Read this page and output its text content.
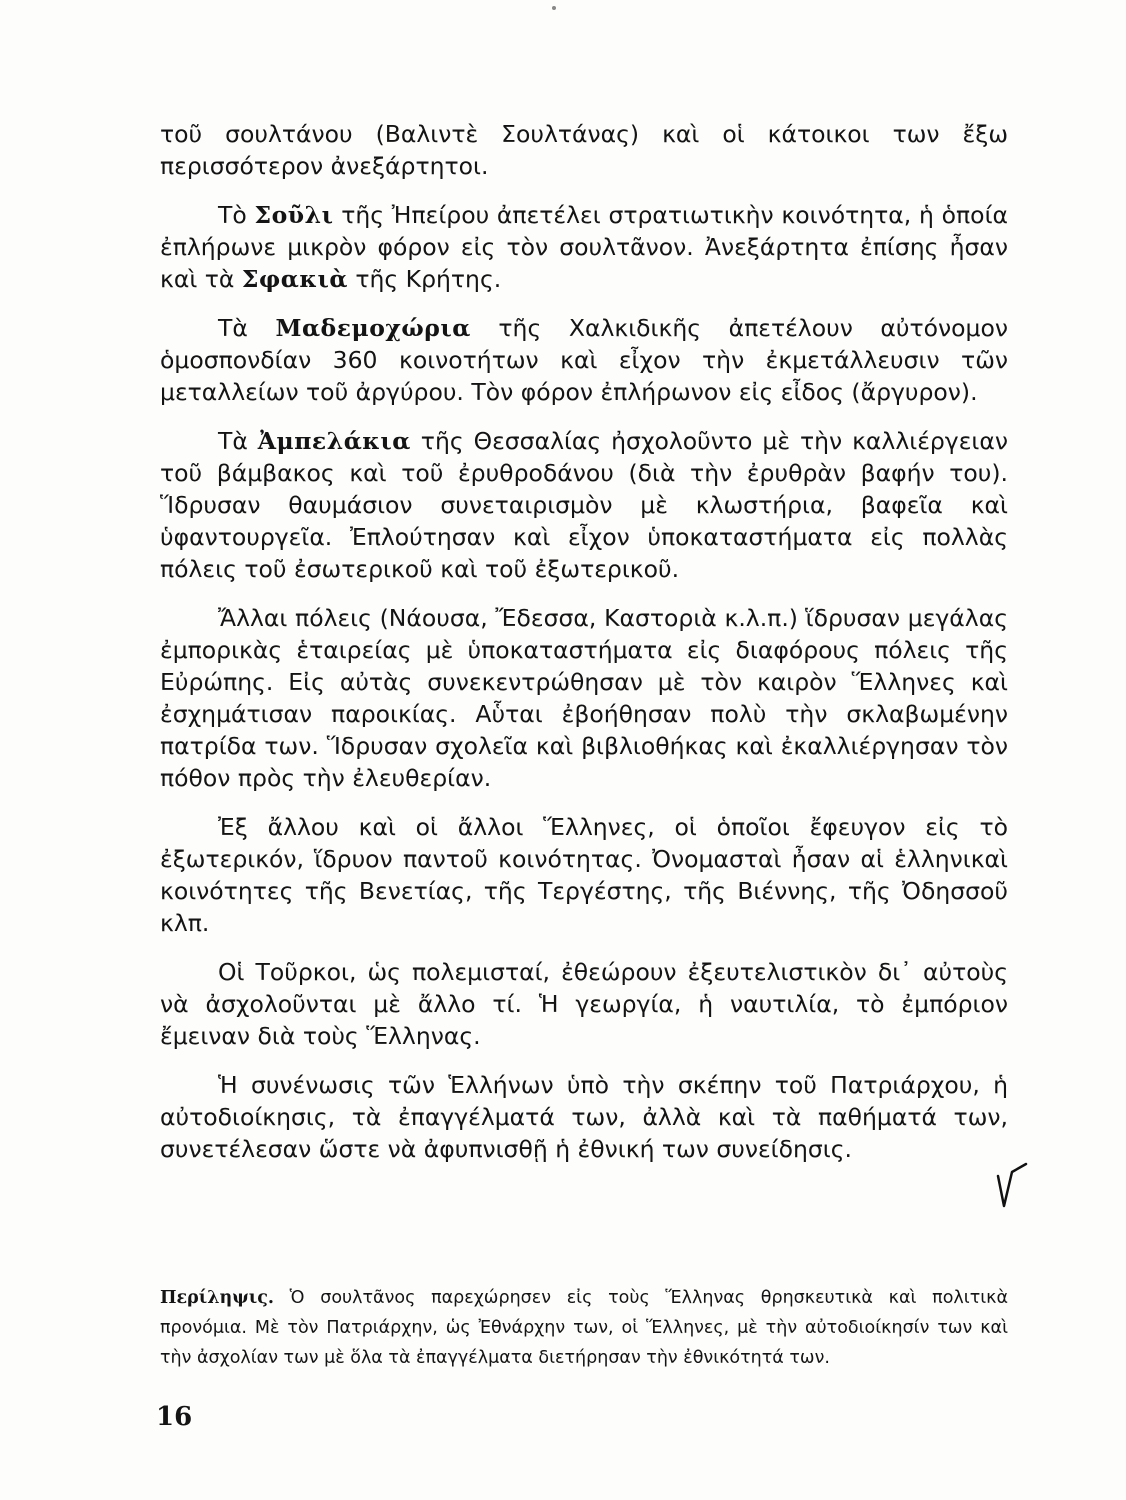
τοῦ σουλτάνου (Βαλιντὲ Σουλτάνας) καὶ οἱ κάτοικοι των ἔξω περισσότερον ἀνεξάρτητοι.

Τὸ Σοῦλι τῆς Ἠπείρου ἀπετέλει στρατιωτικὴν κοινότητα, ἡ ὁποία ἐπλήρωνε μικρὸν φόρον εἰς τὸν σουλτᾶνον. Ἀνεξάρτητα ἐπίσης ἦσαν καὶ τὰ Σφακιὰ τῆς Κρήτης.

Τὰ Μαδεμοχώρια τῆς Χαλκιδικῆς ἀπετέλουν αὐτόνομον ὁμοσπονδίαν 360 κοινοτήτων καὶ εἶχον τὴν ἐκμετάλλευσιν τῶν μεταλλείων τοῦ ἀργύρου. Τὸν φόρον ἐπλήρωνον εἰς εἶδος (ἄργυρον).

Τὰ Ἀμπελάκια τῆς Θεσσαλίας ἠσχολοῦντο μὲ τὴν καλλιέργειαν τοῦ βάμβακος καὶ τοῦ ἐρυθροδάνου (διὰ τὴν ἐρυθρὰν βαφήν του). Ἵδρυσαν θαυμάσιον συνεταιρισμὸν μὲ κλωστήρια, βαφεῖα καὶ ὑφαντουργεῖα. Ἐπλούτησαν καὶ εἶχον ὑποκαταστήματα εἰς πολλὰς πόλεις τοῦ ἐσωτερικοῦ καὶ τοῦ ἐξωτερικοῦ.

Ἄλλαι πόλεις (Νάουσα, Ἔδεσσα, Καστοριὰ κ.λ.π.) ἵδρυσαν μεγάλας ἐμπορικὰς ἑταιρείας μὲ ὑποκαταστήματα εἰς διαφόρους πόλεις τῆς Εὐρώπης. Εἰς αὐτὰς συνεκεντρώθησαν μὲ τὸν καιρὸν Ἕλληνες καὶ ἐσχημάτισαν παροικίας. Αὗται ἐβοήθησαν πολὺ τὴν σκλαβωμένην πατρίδα των. Ἵδρυσαν σχολεῖα καὶ βιβλιοθήκας καὶ ἐκαλλιέργησαν τὸν πόθον πρὸς τὴν ἐλευθερίαν.

Ἐξ ἄλλου καὶ οἱ ἄλλοι Ἕλληνες, οἱ ὁποῖοι ἔφευγον εἰς τὸ ἐξωτερικόν, ἵδρυον παντοῦ κοινότητας. Ὀνομασταὶ ἦσαν αἱ ἑλληνικαὶ κοινότητες τῆς Βενετίας, τῆς Τεργέστης, τῆς Βιέννης, τῆς Ὀδησσοῦ κλπ.

Οἱ Τοῦρκοι, ὡς πολεμισταί, ἐθεώρουν ἐξευτελιστικὸν δι᾽ αὐτοὺς νὰ ἀσχολοῦνται μὲ ἄλλο τί. Ἡ γεωργία, ἡ ναυτιλία, τὸ ἐμπόριον ἔμειναν διὰ τοὺς Ἕλληνας.

Ἡ συνένωσις τῶν Ἑλλήνων ὑπὸ τὴν σκέπην τοῦ Πατριάρχου, ἡ αὐτοδιοίκησις, τὰ ἐπαγγέλματά των, ἀλλὰ καὶ τὰ παθήματά των, συνετέλεσαν ὥστε νὰ ἀφυπνισθῇ ἡ ἐθνική των συνείδησις.

Περίληψις. Ὁ σουλτᾶνος παρεχώρησεν εἰς τοὺς Ἕλληνας θρησκευτικὰ καὶ πολιτικὰ προνόμια. Μὲ τὸν Πατριάρχην, ὡς Ἐθνάρχην των, οἱ Ἕλληνες, μὲ τὴν αὐτοδιοίκησίν των καὶ τὴν ἀσχολίαν των μὲ ὅλα τὰ ἐπαγγέλματα διετήρησαν τὴν ἐθνικότητά των.
16
